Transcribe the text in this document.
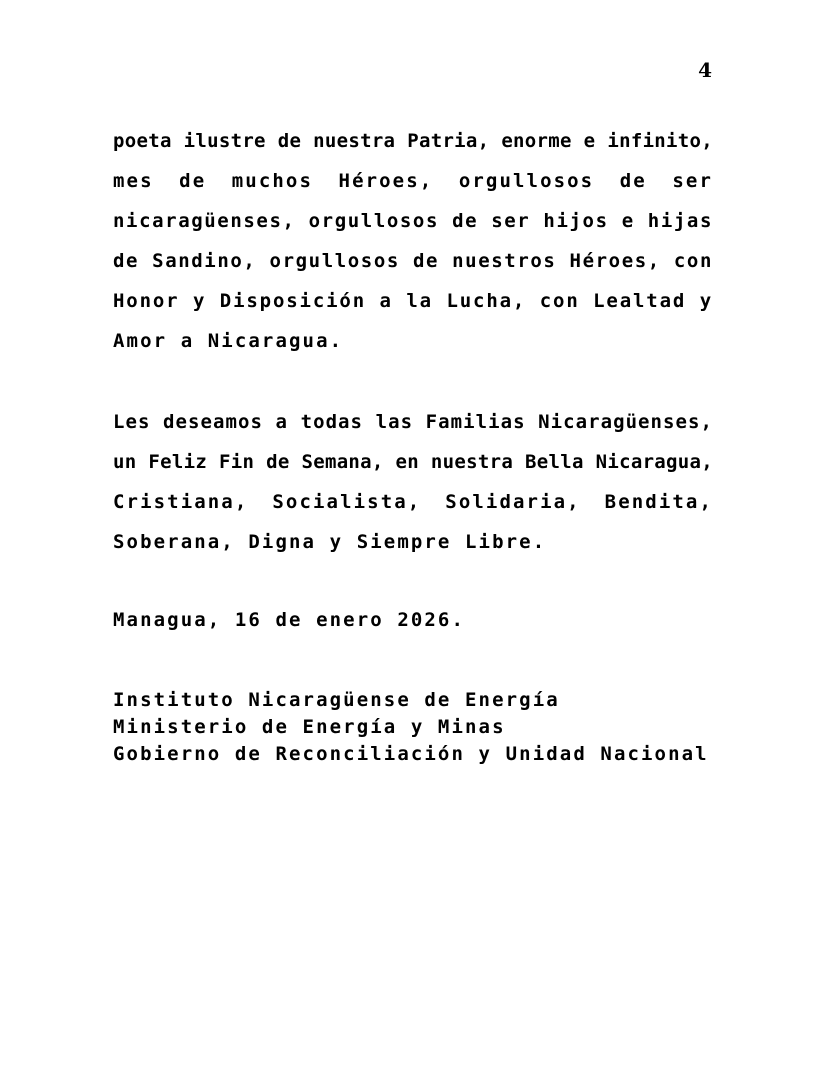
4
poeta ilustre de nuestra Patria, enorme e infinito,
mes de muchos Héroes, orgullosos de ser
nicaragüenses, orgullosos de ser hijos e hijas
de Sandino, orgullosos de nuestros Héroes, con
Honor y Disposición a la Lucha, con Lealtad y
Amor a Nicaragua.
Les deseamos a todas las Familias Nicaragüenses,
un Feliz Fin de Semana, en nuestra Bella Nicaragua,
Cristiana, Socialista, Solidaria, Bendita,
Soberana, Digna y Siempre Libre.
Managua, 16 de enero 2026.
Instituto Nicaragüense de Energía
Ministerio de Energía y Minas
Gobierno de Reconciliación y Unidad Nacional
